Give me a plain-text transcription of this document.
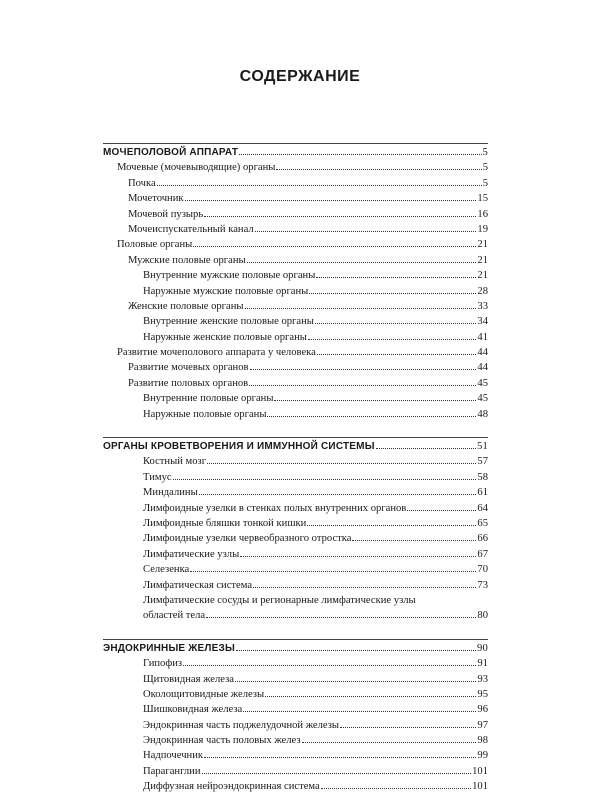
СОДЕРЖАНИЕ
МОЧЕПОЛОВОЙ АППАРАТ	5
Мочевые (мочевыводящие) органы	5
Почка	5
Мочеточник	15
Мочевой пузырь	16
Мочеиспускательный канал	19
Половые органы	21
Мужские половые органы	21
Внутренние мужские половые органы	21
Наружные мужские половые органы	28
Женские половые органы	33
Внутренние женские половые органы	34
Наружные женские половые органы	41
Развитие мочеполового аппарата у человека	44
Развитие мочевых органов	44
Развитие половых органов	45
Внутренние половые органы	45
Наружные половые органы	48
ОРГАНЫ КРОВЕТВОРЕНИЯ И ИММУННОЙ СИСТЕМЫ	51
Костный мозг	57
Тимус	58
Миндалины	61
Лимфоидные узелки в стенках полых внутренних органов	64
Лимфоидные бляшки тонкой кишки	65
Лимфоидные узелки червеобразного отростка	66
Лимфатические узлы	67
Селезенка	70
Лимфатическая система	73
Лимфатические сосуды и регионарные лимфатические узлы
областей тела	80
ЭНДОКРИННЫЕ ЖЕЛЕЗЫ	90
Гипофиз	91
Щитовидная железа	93
Околощитовидные железы	95
Шишковидная железа	96
Эндокринная часть поджелудочной железы	97
Эндокринная часть половых желез	98
Надпочечник	99
Параганглии	101
Диффузная нейроэндокринная система	101
